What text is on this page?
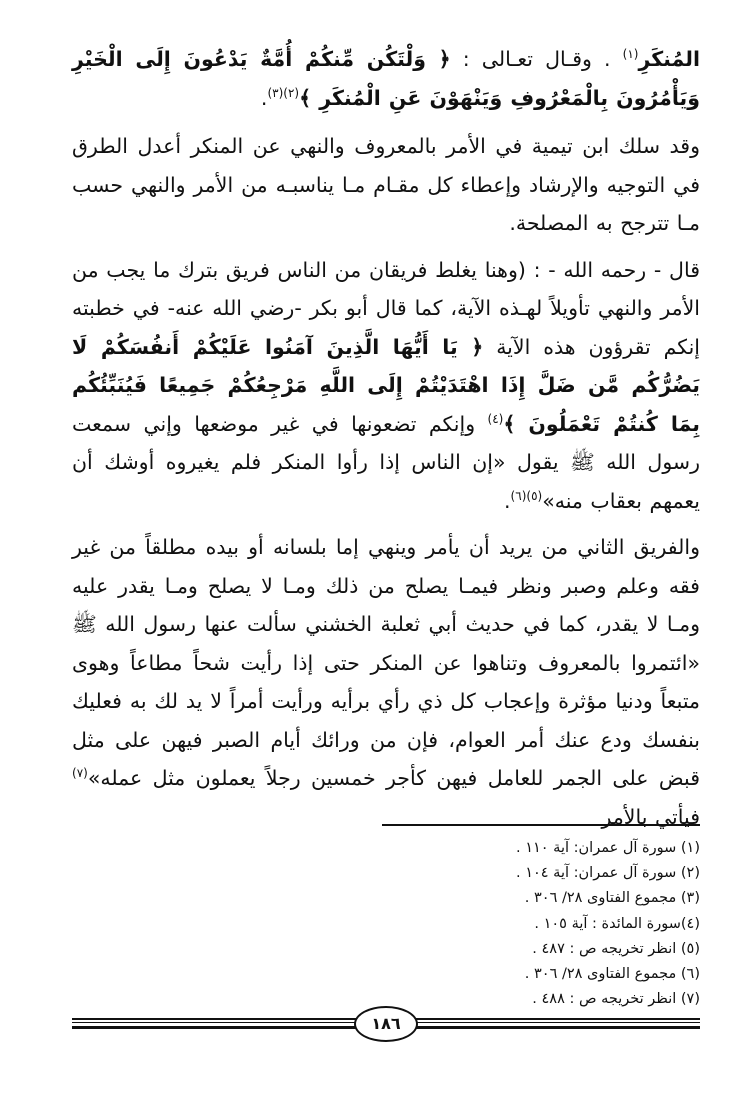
المُنكَرِ$^{(١)}$ . وقـال تعـالى : ﴿ وَلْتَكُن مِّنكُمْ أُمَّةٌ يَدْعُونَ إِلَى الْخَيْرِ وَيَأْمُرُونَ بِالْمَعْرُوفِ وَيَنْهَوْنَ عَنِ الْمُنكَرِ ﴾$^{(٢)(٣)}$.

وقد سلك ابن تيمية في الأمر بالمعروف والنهي عن المنكر أعدل الطرق في التوجيه والإرشاد وإعطاء كل مقـام مـا يناسبـه من الأمر والنهي حسب مـا تترجح به المصلحة.

قال - رحمه الله - : (وهنا يغلط فريقان من الناس فريق بترك ما يجب من الأمر والنهي تأويلاً لهـذه الآية، كما قال أبو بكر -رضي الله عنه- في خطبته إنكم تقرؤون هذه الآية ﴿ يَا أَيُّهَا الَّذِينَ آمَنُوا عَلَيْكُمْ أَنفُسَكُمْ لَا يَضُرُّكُم مَّن ضَلَّ إِذَا اهْتَدَيْتُمْ إِلَى اللَّهِ مَرْجِعُكُمْ جَمِيعًا فَيُنَبِّئُكُم بِمَا كُنتُمْ تَعْمَلُونَ ﴾$^{(٤)}$ وإنكم تضعونها في غير موضعها وإني سمعت رسول الله ﷺ يقول «إن الناس إذا رأوا المنكر فلم يغيروه أوشك أن يعمهم بعقاب منه»$^{(٥)(٦)}$.

والفريق الثاني من يريد أن يأمر وينهي إما بلسانه أو بيده مطلقاً من غير فقه وعلم وصبر ونظر فيمـا يصلح من ذلك ومـا لا يصلح ومـا يقدر عليه ومـا لا يقدر، كما في حديث أبي ثعلبة الخشني سألت عنها رسول الله ﷺ «ائتمروا بالمعروف وتناهوا عن المنكر حتى إذا رأيت شحاً مطاعاً وهوى متبعاً ودنيا مؤثرة وإعجاب كل ذي رأي برأيه ورأيت أمراً لا يد لك به فعليك بنفسك ودع عنك أمر العوام، فإن من ورائك أيام الصبر فيهن على مثل قبض على الجمر للعامل فيهن كأجر خمسين رجلاً يعملون مثل عمله»$^{(٧)}$ فيأتي بالأمر

(١) سورة آل عمران: آية ١١٠ .
(٢) سورة آل عمران: آية ١٠٤ .
(٣) مجموع الفتاوى ٢٨/ ٣٠٦ .
(٤)سورة المائدة : آية ١٠٥ .
(٥) انظر تخريجه ص : ٤٨٧ .
(٦) مجموع الفتاوى ٢٨/ ٣٠٦ .
(٧) انظر تخريجه ص : ٤٨٨ .
١٨٦
